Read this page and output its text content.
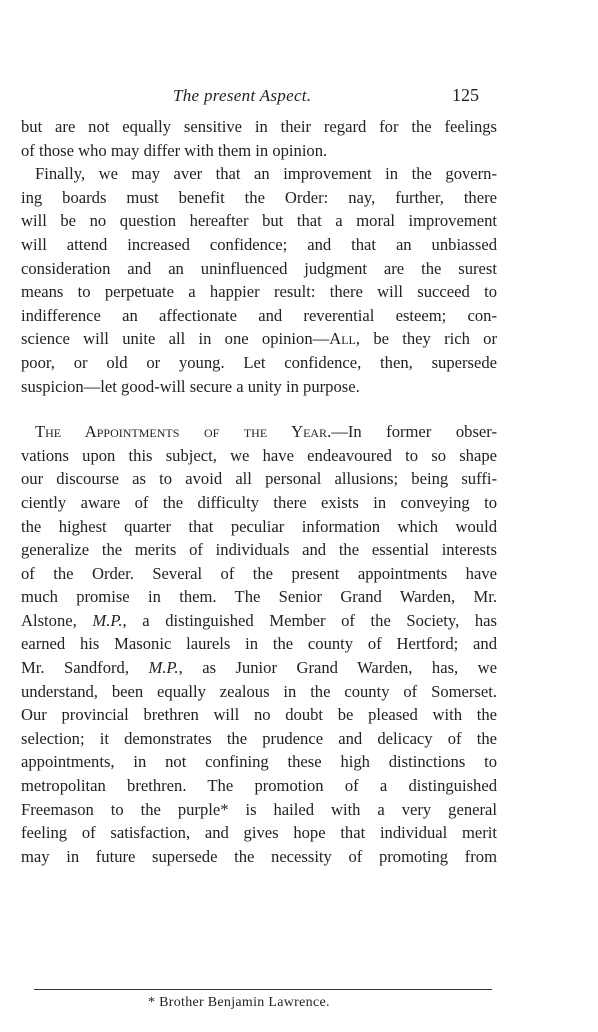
The present Aspect.	125
but are not equally sensitive in their regard for the feelings
of those who may differ with them in opinion.
Finally, we may aver that an improvement in the govern-
ing boards must benefit the Order: nay, further, there
will be no question hereafter but that a moral improvement
will attend increased confidence; and that an unbiassed
consideration and an uninfluenced judgment are the surest
means to perpetuate a happier result: there will succeed to
indifference an affectionate and reverential esteem; con-
science will unite all in one opinion—All, be they rich or
poor, or old or young. Let confidence, then, supersede
suspicion—let good-will secure a unity in purpose.
The Appointments of the Year.—In former obser-
vations upon this subject, we have endeavoured to so shape
our discourse as to avoid all personal allusions; being suffi-
ciently aware of the difficulty there exists in conveying to
the highest quarter that peculiar information which would
generalize the merits of individuals and the essential interests
of the Order. Several of the present appointments have
much promise in them. The Senior Grand Warden, Mr.
Alstone, M.P., a distinguished Member of the Society, has
earned his Masonic laurels in the county of Hertford; and
Mr. Sandford, M.P., as Junior Grand Warden, has, we
understand, been equally zealous in the county of Somerset.
Our provincial brethren will no doubt be pleased with the
selection; it demonstrates the prudence and delicacy of the
appointments, in not confining these high distinctions to
metropolitan brethren. The promotion of a distinguished
Freemason to the purple* is hailed with a very general
feeling of satisfaction, and gives hope that individual merit
may in future supersede the necessity of promoting from
* Brother Benjamin Lawrence.
